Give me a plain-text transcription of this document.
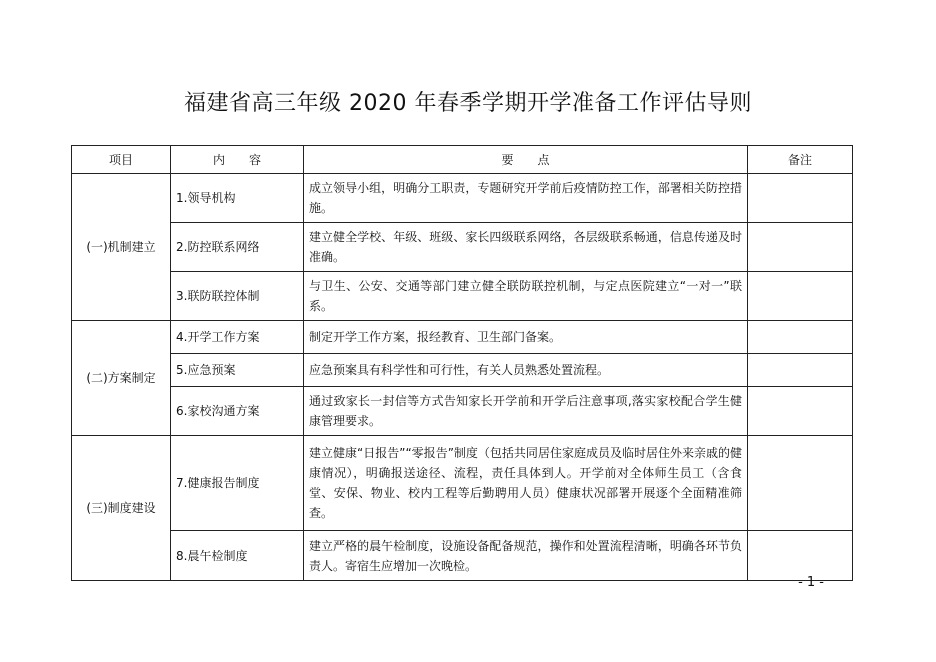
福建省高三年级 2020 年春季学期开学准备工作评估导则
项目	内　　容	要　　点	备注
(一)机制建立	1.领导机构	成立领导小组，明确分工职责，专题研究开学前后疫情防控工作，部署相关防控措施。	
	2.防控联系网络	建立健全学校、年级、班级、家长四级联系网络，各层级联系畅通，信息传递及时准确。	
	3.联防联控体制	与卫生、公安、交通等部门建立健全联防联控机制，与定点医院建立“一对一”联系。	
(二)方案制定	4.开学工作方案	制定开学工作方案，报经教育、卫生部门备案。	
	5.应急预案	应急预案具有科学性和可行性，有关人员熟悉处置流程。	
	6.家校沟通方案	通过致家长一封信等方式告知家长开学前和开学后注意事项,落实家校配合学生健康管理要求。	
(三)制度建设	7.健康报告制度	建立健康“日报告”“零报告”制度（包括共同居住家庭成员及临时居住外来亲戚的健康情况），明确报送途径、流程，责任具体到人。开学前对全体师生员工（含食堂、安保、物业、校内工程等后勤聘用人员）健康状况部署开展逐个全面精准筛查。	
	8.晨午检制度	建立严格的晨午检制度，设施设备配备规范，操作和处置流程清晰，明确各环节负责人。寄宿生应增加一次晚检。	
- 1 -
